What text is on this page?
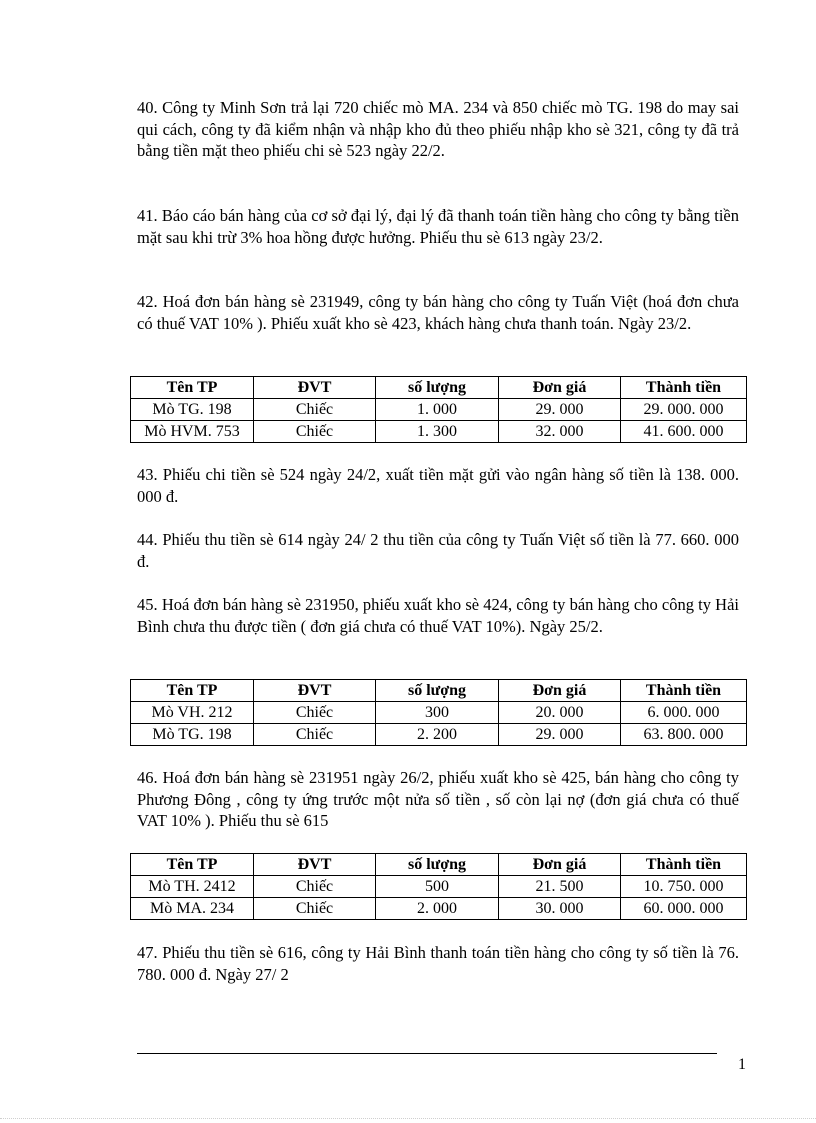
40. Công ty Minh Sơn trả lại 720 chiếc mò MA. 234 và 850 chiếc mò TG. 198 do may sai qui cách, công ty đã kiểm nhận và nhập kho đủ theo phiếu nhập kho sè 321, công ty đã trả bằng tiền mặt theo phiếu chi sè 523 ngày 22/2.

41. Báo cáo bán hàng của cơ sở đại lý, đại lý đã thanh toán tiền hàng cho công ty bằng tiền mặt sau khi trừ 3% hoa hồng được hưởng. Phiếu thu sè 613 ngày 23/2.

42. Hoá đơn bán hàng sè 231949, công ty bán hàng cho công ty Tuấn Việt (hoá đơn chưa có thuế VAT 10% ). Phiếu xuất kho sè 423, khách hàng chưa thanh toán. Ngày 23/2.

Tên TP	ĐVT	số lượng	Đơn giá	Thành tiền
Mò TG. 198	Chiếc	1. 000	29. 000	29. 000. 000
Mò HVM. 753	Chiếc	1. 300	32. 000	41. 600. 000

43. Phiếu chi tiền sè 524 ngày 24/2, xuất tiền mặt gửi vào ngân hàng số tiền là 138. 000. 000 đ.

44. Phiếu thu tiền sè 614 ngày 24/ 2 thu tiền của công ty Tuấn Việt số tiền là 77. 660. 000 đ.

45. Hoá đơn bán hàng sè 231950, phiếu xuất kho sè 424, công ty bán hàng cho công ty Hải Bình chưa thu được tiền ( đơn giá chưa có thuế VAT 10%). Ngày 25/2.

Tên TP	ĐVT	số lượng	Đơn giá	Thành tiền
Mò VH. 212	Chiếc	300	20. 000	6. 000. 000
Mò TG. 198	Chiếc	2. 200	29. 000	63. 800. 000

46. Hoá đơn bán hàng sè 231951 ngày 26/2, phiếu xuất kho sè 425, bán hàng cho công ty Phương Đông , công ty ứng trước một nửa số tiền , số còn lại nợ (đơn giá chưa có thuế VAT 10% ). Phiếu thu sè 615

Tên TP	ĐVT	số lượng	Đơn giá	Thành tiền
Mò TH. 2412	Chiếc	500	21. 500	10. 750. 000
Mò MA. 234	Chiếc	2. 000	30. 000	60. 000. 000

47. Phiếu thu tiền sè 616, công ty Hải Bình thanh toán tiền hàng cho công ty số tiền là 76. 780. 000 đ. Ngày 27/ 2

1
